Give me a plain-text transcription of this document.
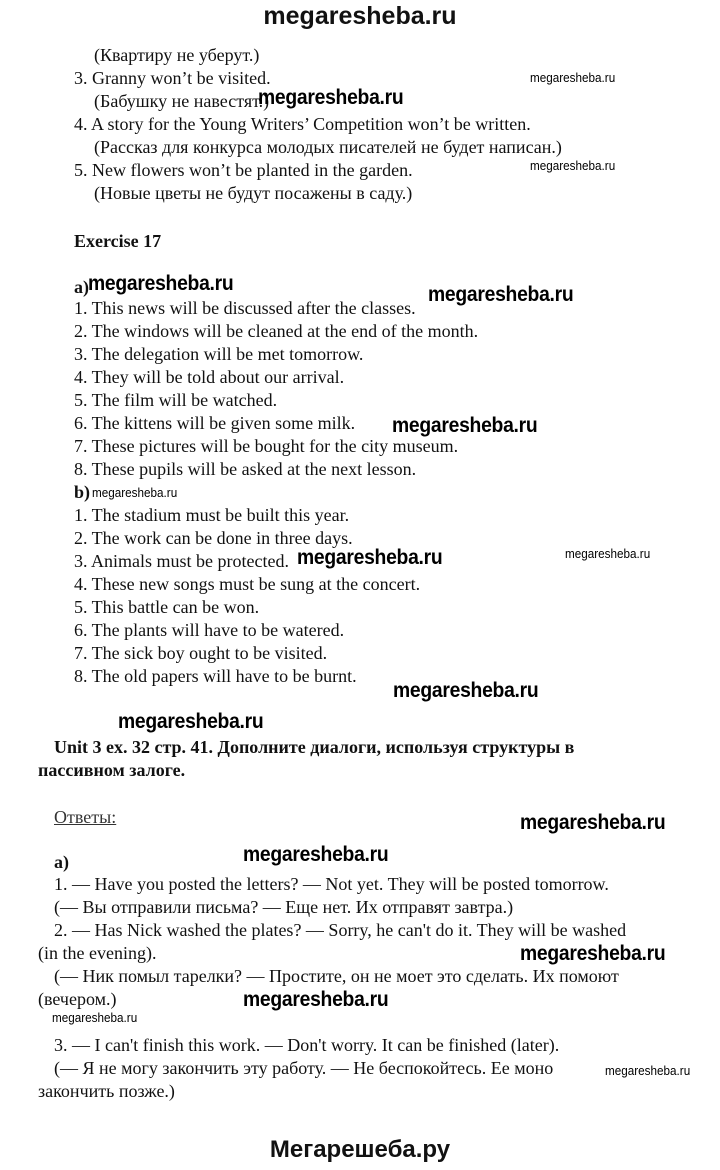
megaresheba.ru
(Квартиру не уберут.)
3. Granny won’t be visited.
(Бабушку не навестят.)
4. A story for the Young Writers’ Competition won’t be written.
(Рассказ для конкурса молодых писателей не будет написан.)
5. New flowers won’t be planted in the garden.
(Новые цветы не будут посажены в саду.)
Exercise 17
a)
1. This news will be discussed after the classes.
2. The windows will be cleaned at the end of the month.
3. The delegation will be met tomorrow.
4. They will be told about our arrival.
5. The film will be watched.
6. The kittens will be given some milk.
7. These pictures will be bought for the city museum.
8. These pupils will be asked at the next lesson.
b)
1. The stadium must be built this year.
2. The work can be done in three days.
3. Animals must be protected.
4. These new songs must be sung at the concert.
5. This battle can be won.
6. The plants will have to be watered.
7. The sick boy ought to be visited.
8. The old papers will have to be burnt.
Unit 3 ex. 32 стр. 41. Дополните диалоги, используя структуры в
пассивном залоге.
Ответы:
а)
1. — Have you posted the letters? — Not yet. They will be posted tomorrow.
(— Вы отправили письма? — Еще нет. Их отправят завтра.)
2. — Has Nick washed the plates? — Sorry, he can't do it. They will be washed
(in the evening).
(— Ник помыл тарелки? — Простите, он не моет это сделать. Их помоют
(вечером.)
3. — I can't finish this work. — Don't worry. It can be finished (later).
(— Я не могу закончить эту работу. — Не беспокойтесь. Ее моно
закончить позже.)
megaresheba.ru
megaresheba.ru
megaresheba.ru
megaresheba.ru	megaresheba.ru
megaresheba.ru
megaresheba.ru
megaresheba.ru	megaresheba.ru
megaresheba.ru
megaresheba.ru
megaresheba.ru
megaresheba.ru
megaresheba.ru
megaresheba.ru
megaresheba.ru
megaresheba.ru
Мегарешеба.ру
